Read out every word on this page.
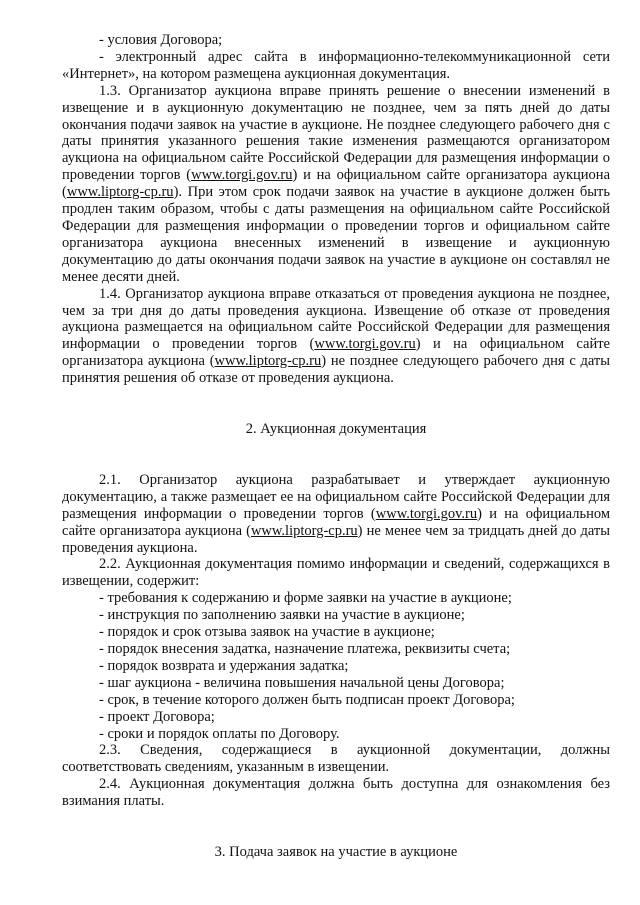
- условия Договора;

- электронный адрес сайта в информационно-телекоммуникационной сети «Интернет», на котором размещена аукционная документация.

1.3. Организатор аукциона вправе принять решение о внесении изменений в извещение и в аукционную документацию не позднее, чем за пять дней до даты окончания подачи заявок на участие в аукционе. Не позднее следующего рабочего дня с даты принятия указанного решения такие изменения размещаются организатором аукциона на официальном сайте Российской Федерации для размещения информации о проведении торгов (www.torgi.gov.ru) и на официальном сайте организатора аукциона (www.liptorg-cp.ru). При этом срок подачи заявок на участие в аукционе должен быть продлен таким образом, чтобы с даты размещения на официальном сайте Российской Федерации для размещения информации о проведении торгов и официальном сайте организатора аукциона внесенных изменений в извещение и аукционную документацию до даты окончания подачи заявок на участие в аукционе он составлял не менее десяти дней.

1.4. Организатор аукциона вправе отказаться от проведения аукциона не позднее, чем за три дня до даты проведения аукциона. Извещение об отказе от проведения аукциона размещается на официальном сайте Российской Федерации для размещения информации о проведении торгов (www.torgi.gov.ru) и на официальном сайте организатора аукциона (www.liptorg-cp.ru) не позднее следующего рабочего дня с даты принятия решения об отказе от проведения аукциона.

2. Аукционная документация

2.1. Организатор аукциона разрабатывает и утверждает аукционную документацию, а также размещает ее на официальном сайте Российской Федерации для размещения информации о проведении торгов (www.torgi.gov.ru) и на официальном сайте организатора аукциона (www.liptorg-cp.ru) не менее чем за тридцать дней до даты проведения аукциона.

2.2. Аукционная документация помимо информации и сведений, содержащихся в извещении, содержит:

- требования к содержанию и форме заявки на участие в аукционе;

- инструкция по заполнению заявки на участие в аукционе;

- порядок и срок отзыва заявок на участие в аукционе;

- порядок внесения задатка, назначение платежа, реквизиты счета;

- порядок возврата и удержания задатка;

- шаг аукциона - величина повышения начальной цены Договора;

- срок, в течение которого должен быть подписан проект Договора;

- проект Договора;

- сроки и порядок оплаты по Договору.

2.3. Сведения, содержащиеся в аукционной документации, должны соответствовать сведениям, указанным в извещении.

2.4. Аукционная документация должна быть доступна для ознакомления без взимания платы.

3. Подача заявок на участие в аукционе
